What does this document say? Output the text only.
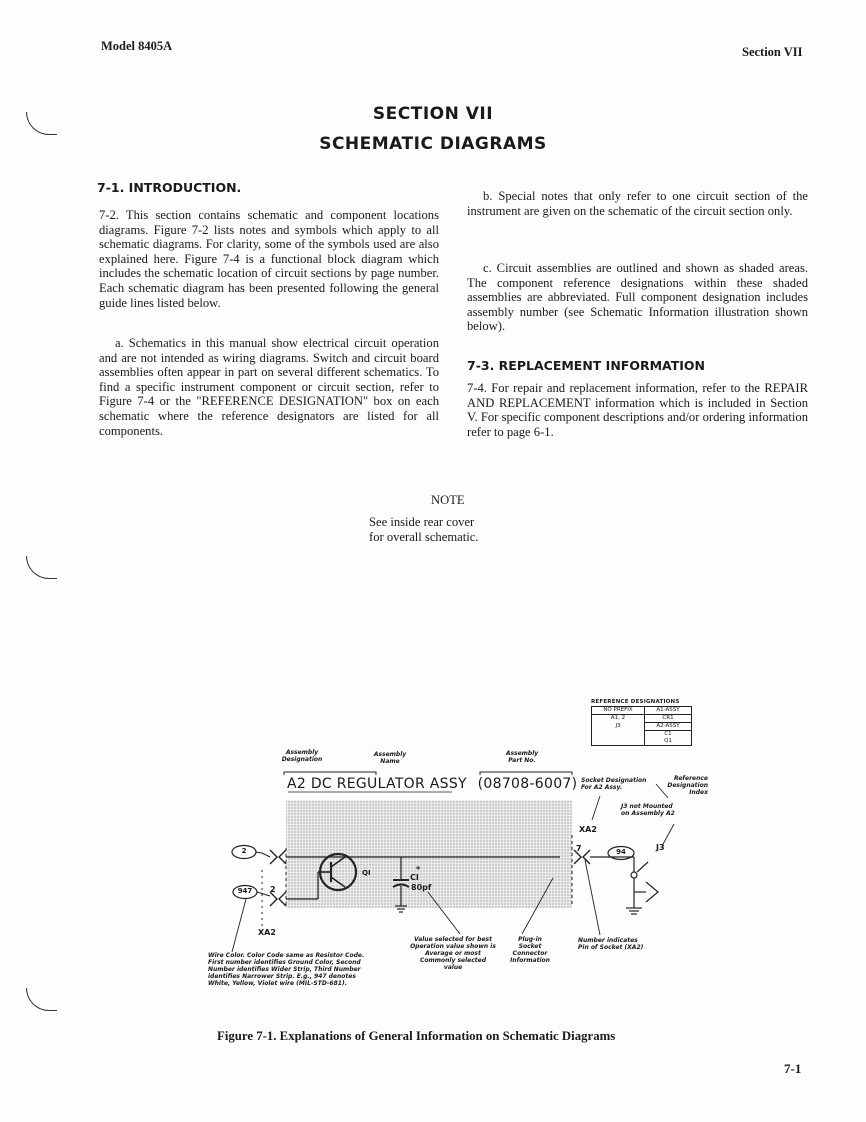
Model 8405A	Section VII
SECTION VII
SCHEMATIC DIAGRAMS
7-1. INTRODUCTION.
7-2. This section contains schematic and component locations diagrams. Figure 7-2 lists notes and symbols which apply to all schematic diagrams. For clarity, some of the symbols used are also explained here. Figure 7-4 is a functional block diagram which includes the schematic location of circuit sections by page number. Each schematic diagram has been presented following the general guide lines listed below.
a. Schematics in this manual show electrical circuit operation and are not intended as wiring diagrams. Switch and circuit board assemblies often appear in part on several different schematics. To find a specific instrument component or circuit section, refer to Figure 7-4 or the "REFERENCE DESIGNATION" box on each schematic where the reference designators are listed for all components.
b. Special notes that only refer to one circuit section of the instrument are given on the schematic of the circuit section only.
c. Circuit assemblies are outlined and shown as shaded areas. The component reference designations within these shaded assemblies are abbreviated. Full component designation includes assembly number (see Schematic Information illustration shown below).
7-3. REPLACEMENT INFORMATION
7-4. For repair and replacement information, refer to the REPAIR AND REPLACEMENT information which is included in Section V. For specific component descriptions and/or ordering information refer to page 6-1.
NOTE
See inside rear cover
for overall schematic.
REFERENCE DESIGNATIONS
NO PREFIX	A1-ASSY
A1, 2	CR1
J3	A2-ASSY
	C1
	Q1
Assembly Designation
Assembly Name
Assembly Part No.
A2 DC REGULATOR ASSY (08708-6007) Socket Designation For A2 Assy.
Reference Designation Index
J3 not Mounted on Assembly A2
XA2
J3
QI	CI
80pf
*
2
947	2
7	94
XA2
Wire Color. Color Code same as Resistor Code. First number identifies Ground Color, Second Number identifies Wider Strip, Third Number identifies Narrower Strip. E.g., 947 denotes White, Yellow, Violet wire (MIL-STD-681).
Value selected for best Operation value shown is Average or most Commonly selected value
Plug-in Socket Connector Information
Number indicates Pin of Socket (XA2)
Figure 7-1. Explanations of General Information on Schematic Diagrams
7-1
